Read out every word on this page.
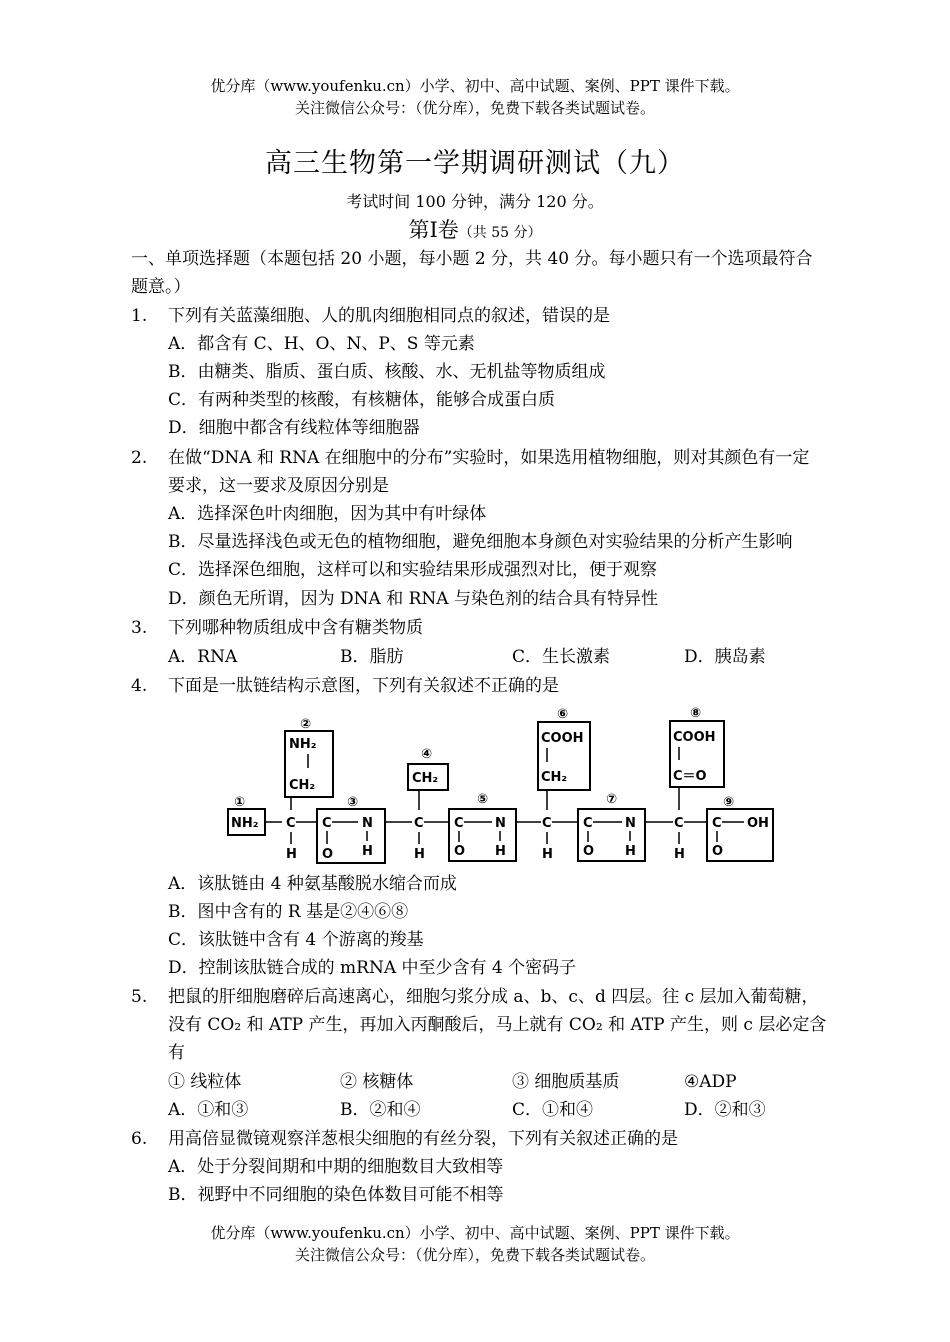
优分库（www.youfenku.cn）小学、初中、高中试题、案例、PPT 课件下载。
关注微信公众号：（优分库），免费下载各类试题试卷。
高三生物第一学期调研测试（九）
考试时间 100 分钟，满分 120 分。
第Ⅰ卷（共 55 分）
一、单项选择题（本题包括 20 小题，每小题 2 分，共 40 分。每小题只有一个选项最符合
题意。）
1. 下列有关蓝藻细胞、人的肌肉细胞相同点的叙述，错误的是
A．都含有 C、H、O、N、P、S 等元素
B．由糖类、脂质、蛋白质、核酸、水、无机盐等物质组成
C．有两种类型的核酸，有核糖体，能够合成蛋白质
D．细胞中都含有线粒体等细胞器
2. 在做“DNA 和 RNA 在细胞中的分布”实验时，如果选用植物细胞，则对其颜色有一定
要求，这一要求及原因分别是
A．选择深色叶肉细胞，因为其中有叶绿体
B．尽量选择浅色或无色的植物细胞，避免细胞本身颜色对实验结果的分析产生影响
C．选择深色细胞，这样可以和实验结果形成强烈对比，便于观察
D．颜色无所谓，因为 DNA 和 RNA 与染色剂的结合具有特异性
3. 下列哪种物质组成中含有糖类物质
A．RNA	B．脂肪	C．生长激素	D．胰岛素
4. 下面是一肽链结构示意图，下列有关叙述不正确的是
①
NH₂ C
H
②
NH₂
CH₂
③
C N
O H
C
H
④
CH₂
⑤
C N
O H
C
H
⑥
COOH
CH₂
⑦
C N
O H
C
H
⑧
COOH
C＝O
⑨
C OH
O
A．该肽链由 4 种氨基酸脱水缩合而成
B．图中含有的 R 基是②④⑥⑧
C．该肽链中含有 4 个游离的羧基
D．控制该肽链合成的 mRNA 中至少含有 4 个密码子
5. 把鼠的肝细胞磨碎后高速离心，细胞匀浆分成 a、b、c、d 四层。往 c 层加入葡萄糖，
没有 CO₂ 和 ATP 产生，再加入丙酮酸后，马上就有 CO₂ 和 ATP 产生，则 c 层必定含
有
① 线粒体	② 核糖体	③ 细胞质基质	④ADP
A．①和③	B．②和④	C．①和④	D．②和③
6. 用高倍显微镜观察洋葱根尖细胞的有丝分裂，下列有关叙述正确的是
A．处于分裂间期和中期的细胞数目大致相等
B．视野中不同细胞的染色体数目可能不相等
优分库（www.youfenku.cn）小学、初中、高中试题、案例、PPT 课件下载。
关注微信公众号：（优分库），免费下载各类试题试卷。
